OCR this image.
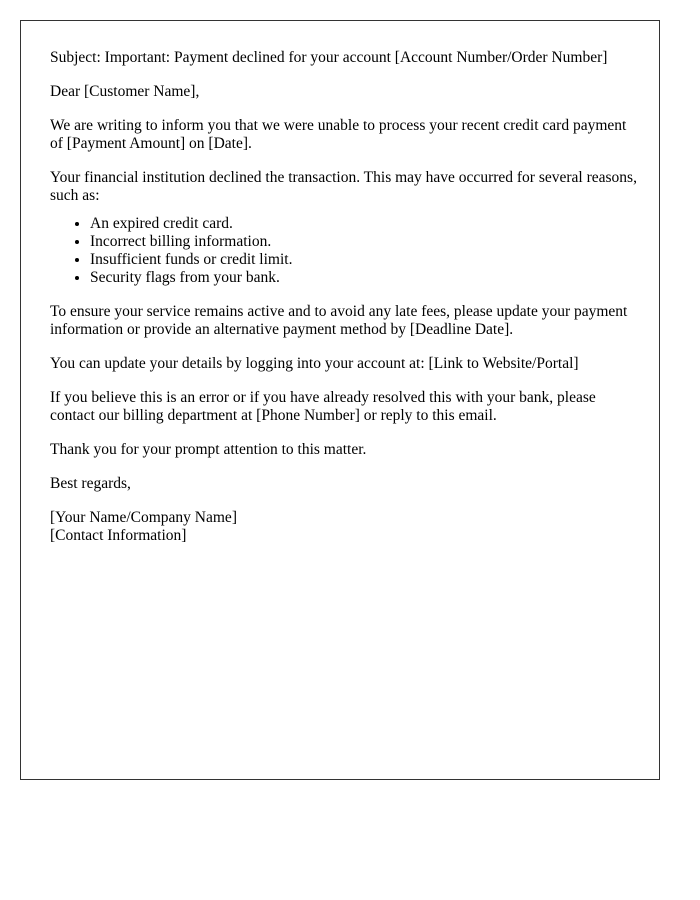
Subject: Important: Payment declined for your account [Account Number/Order Number]

Dear [Customer Name],

We are writing to inform you that we were unable to process your recent credit card payment of [Payment Amount] on [Date].

Your financial institution declined the transaction. This may have occurred for several reasons, such as:

• An expired credit card.
• Incorrect billing information.
• Insufficient funds or credit limit.
• Security flags from your bank.

To ensure your service remains active and to avoid any late fees, please update your payment information or provide an alternative payment method by [Deadline Date].

You can update your details by logging into your account at: [Link to Website/Portal]

If you believe this is an error or if you have already resolved this with your bank, please contact our billing department at [Phone Number] or reply to this email.

Thank you for your prompt attention to this matter.

Best regards,

[Your Name/Company Name]
[Contact Information]
